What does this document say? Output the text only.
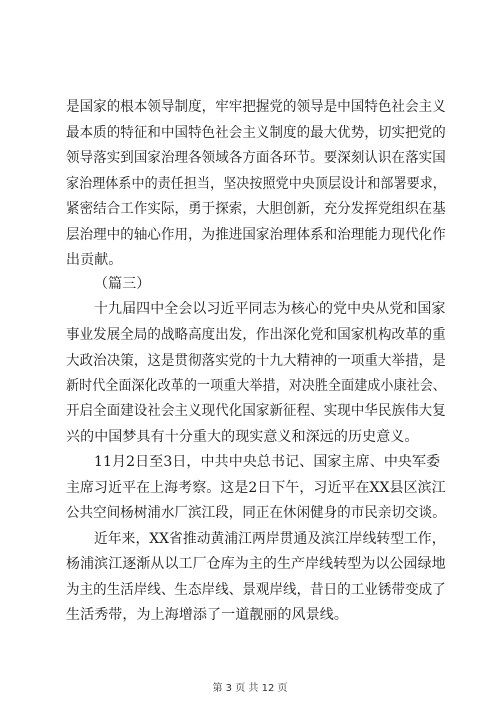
是国家的根本领导制度，牢牢把握党的领导是中国特色社会主义
最本质的特征和中国特色社会主义制度的最大优势，切实把党的
领导落实到国家治理各领域各方面各环节。要深刻认识在落实国
家治理体系中的责任担当，坚决按照党中央顶层设计和部署要求，
紧密结合工作实际，勇于探索，大胆创新，充分发挥党组织在基
层治理中的轴心作用，为推进国家治理体系和治理能力现代化作
出贡献。
（篇三）
十九届四中全会以习近平同志为核心的党中央从党和国家
事业发展全局的战略高度出发，作出深化党和国家机构改革的重
大政治决策，这是贯彻落实党的十九大精神的一项重大举措，是
新时代全面深化改革的一项重大举措，对决胜全面建成小康社会、
开启全面建设社会主义现代化国家新征程、实现中华民族伟大复
兴的中国梦具有十分重大的现实意义和深远的历史意义。
11月2日至3日，中共中央总书记、国家主席、中央军委
主席习近平在上海考察。这是2日下午，习近平在XX县区滨江
公共空间杨树浦水厂滨江段，同正在休闲健身的市民亲切交谈。
近年来，XX省推动黄浦江两岸贯通及滨江岸线转型工作，
杨浦滨江逐渐从以工厂仓库为主的生产岸线转型为以公园绿地
为主的生活岸线、生态岸线、景观岸线，昔日的工业锈带变成了
生活秀带，为上海增添了一道靓丽的风景线。
第 3 页 共 12 页
